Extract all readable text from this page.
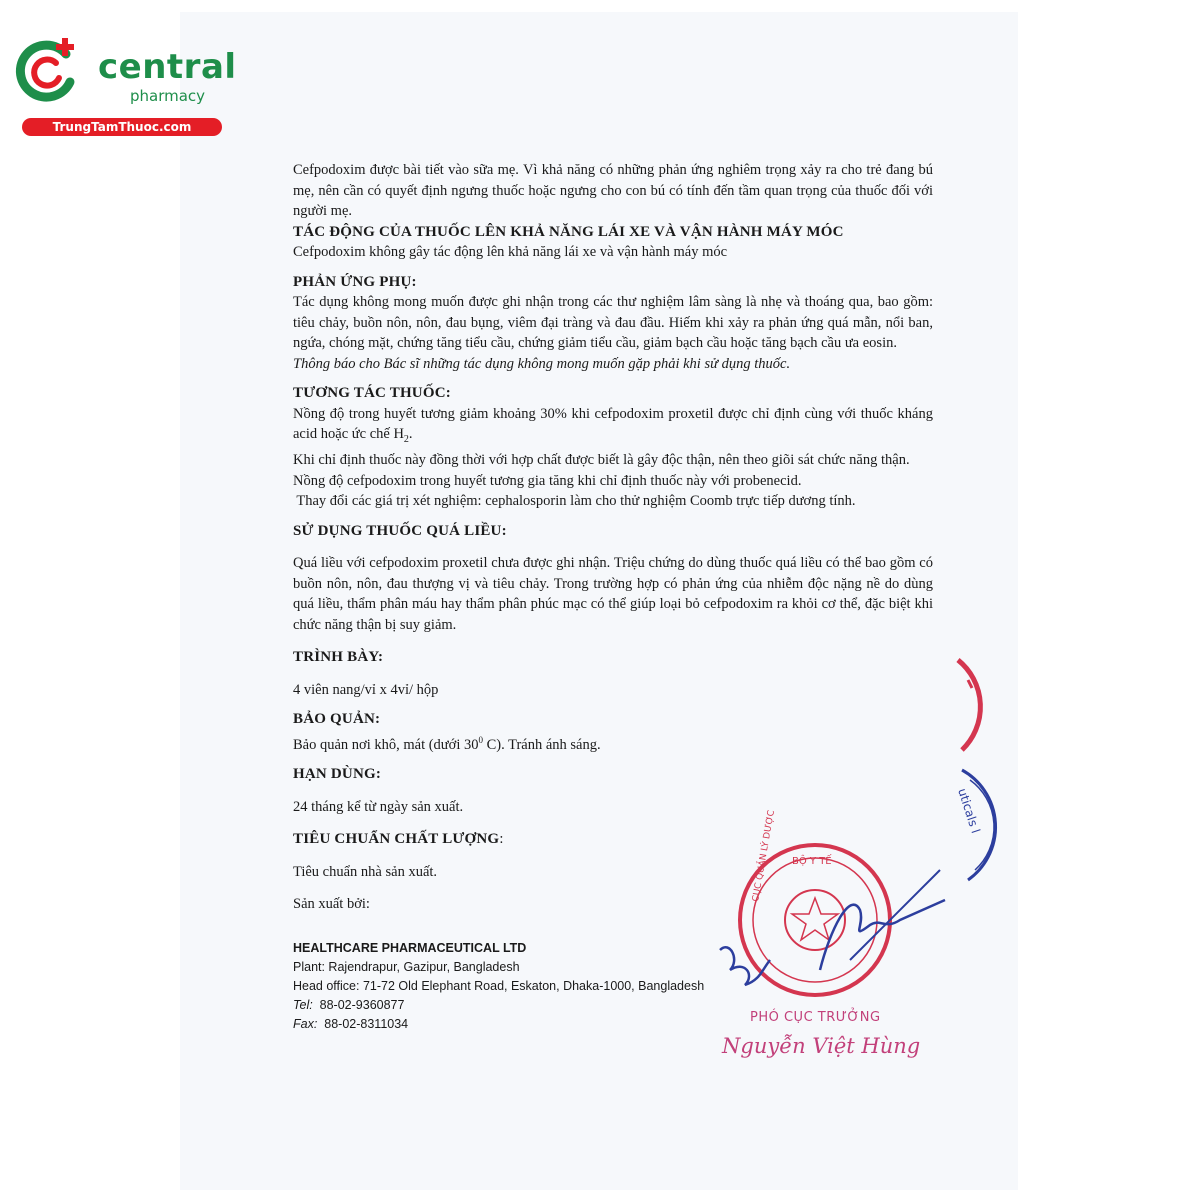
central
pharmacy
TrungTamThuoc.com

Cefpodoxim được bài tiết vào sữa mẹ. Vì khả năng có những phản ứng nghiêm trọng xảy ra cho trẻ đang bú mẹ, nên cần có quyết định ngưng thuốc hoặc ngưng cho con bú có tính đến tầm quan trọng của thuốc đối với người mẹ.

TÁC ĐỘNG CỦA THUỐC LÊN KHẢ NĂNG LÁI XE VÀ VẬN HÀNH MÁY MÓC

Cefpodoxim không gây tác động lên khả năng lái xe và vận hành máy móc

PHẢN ỨNG PHỤ:

Tác dụng không mong muốn được ghi nhận trong các thư nghiệm lâm sàng là nhẹ và thoáng qua, bao gồm: tiêu chảy, buồn nôn, nôn, đau bụng, viêm đại tràng và đau đầu. Hiếm khi xảy ra phản ứng quá mẫn, nổi ban, ngứa, chóng mặt, chứng tăng tiểu cầu, chứng giảm tiểu cầu, giảm bạch cầu hoặc tăng bạch cầu ưa eosin.

Thông báo cho Bác sĩ những tác dụng không mong muốn gặp phải khi sử dụng thuốc.

TƯƠNG TÁC THUỐC:

Nồng độ trong huyết tương giảm khoảng 30% khi cefpodoxim proxetil được chỉ định cùng với thuốc kháng acid hoặc ức chế $H_2$.

Khi chỉ định thuốc này đồng thời với hợp chất được biết là gây độc thận, nên theo giõi sát chức năng thận.

Nồng độ cefpodoxim trong huyết tương gia tăng khi chỉ định thuốc này với probenecid.

Thay đổi các giá trị xét nghiệm: cephalosporin làm cho thử nghiệm Coomb trực tiếp dương tính.

SỬ DỤNG THUỐC QUÁ LIỀU:

Quá liều với cefpodoxim proxetil chưa được ghi nhận. Triệu chứng do dùng thuốc quá liều có thể bao gồm có buồn nôn, nôn, đau thượng vị và tiêu chảy. Trong trường hợp có phản ứng của nhiễm độc nặng nề do dùng quá liều, thẩm phân máu hay thẩm phân phúc mạc có thể giúp loại bỏ cefpodoxim ra khỏi cơ thể, đặc biệt khi chức năng thận bị suy giảm.

TRÌNH BÀY:

4 viên nang/vỉ x 4vỉ/ hộp

BẢO QUẢN:

Bảo quản nơi khô, mát (dưới $30^0$ C). Tránh ánh sáng.

HẠN DÙNG:

24 tháng kể từ ngày sản xuất.

TIÊU CHUẨN CHẤT LƯỢNG:

Tiêu chuẩn nhà sản xuất.

Sản xuất bởi:

HEALTHCARE PHARMACEUTICAL LTD
Plant: Rajendrapur, Gazipur, Bangladesh
Head office: 71-72 Old Elephant Road, Eskaton, Dhaka-1000, Bangladesh
Tel: 88-02-9360877
Fax: 88-02-8311034
uticals l
BỘ Y TẾ
CỤC QUẢN LÝ DƯỢC
PHÓ CỤC TRƯỞNG
Nguyễn Việt Hùng
